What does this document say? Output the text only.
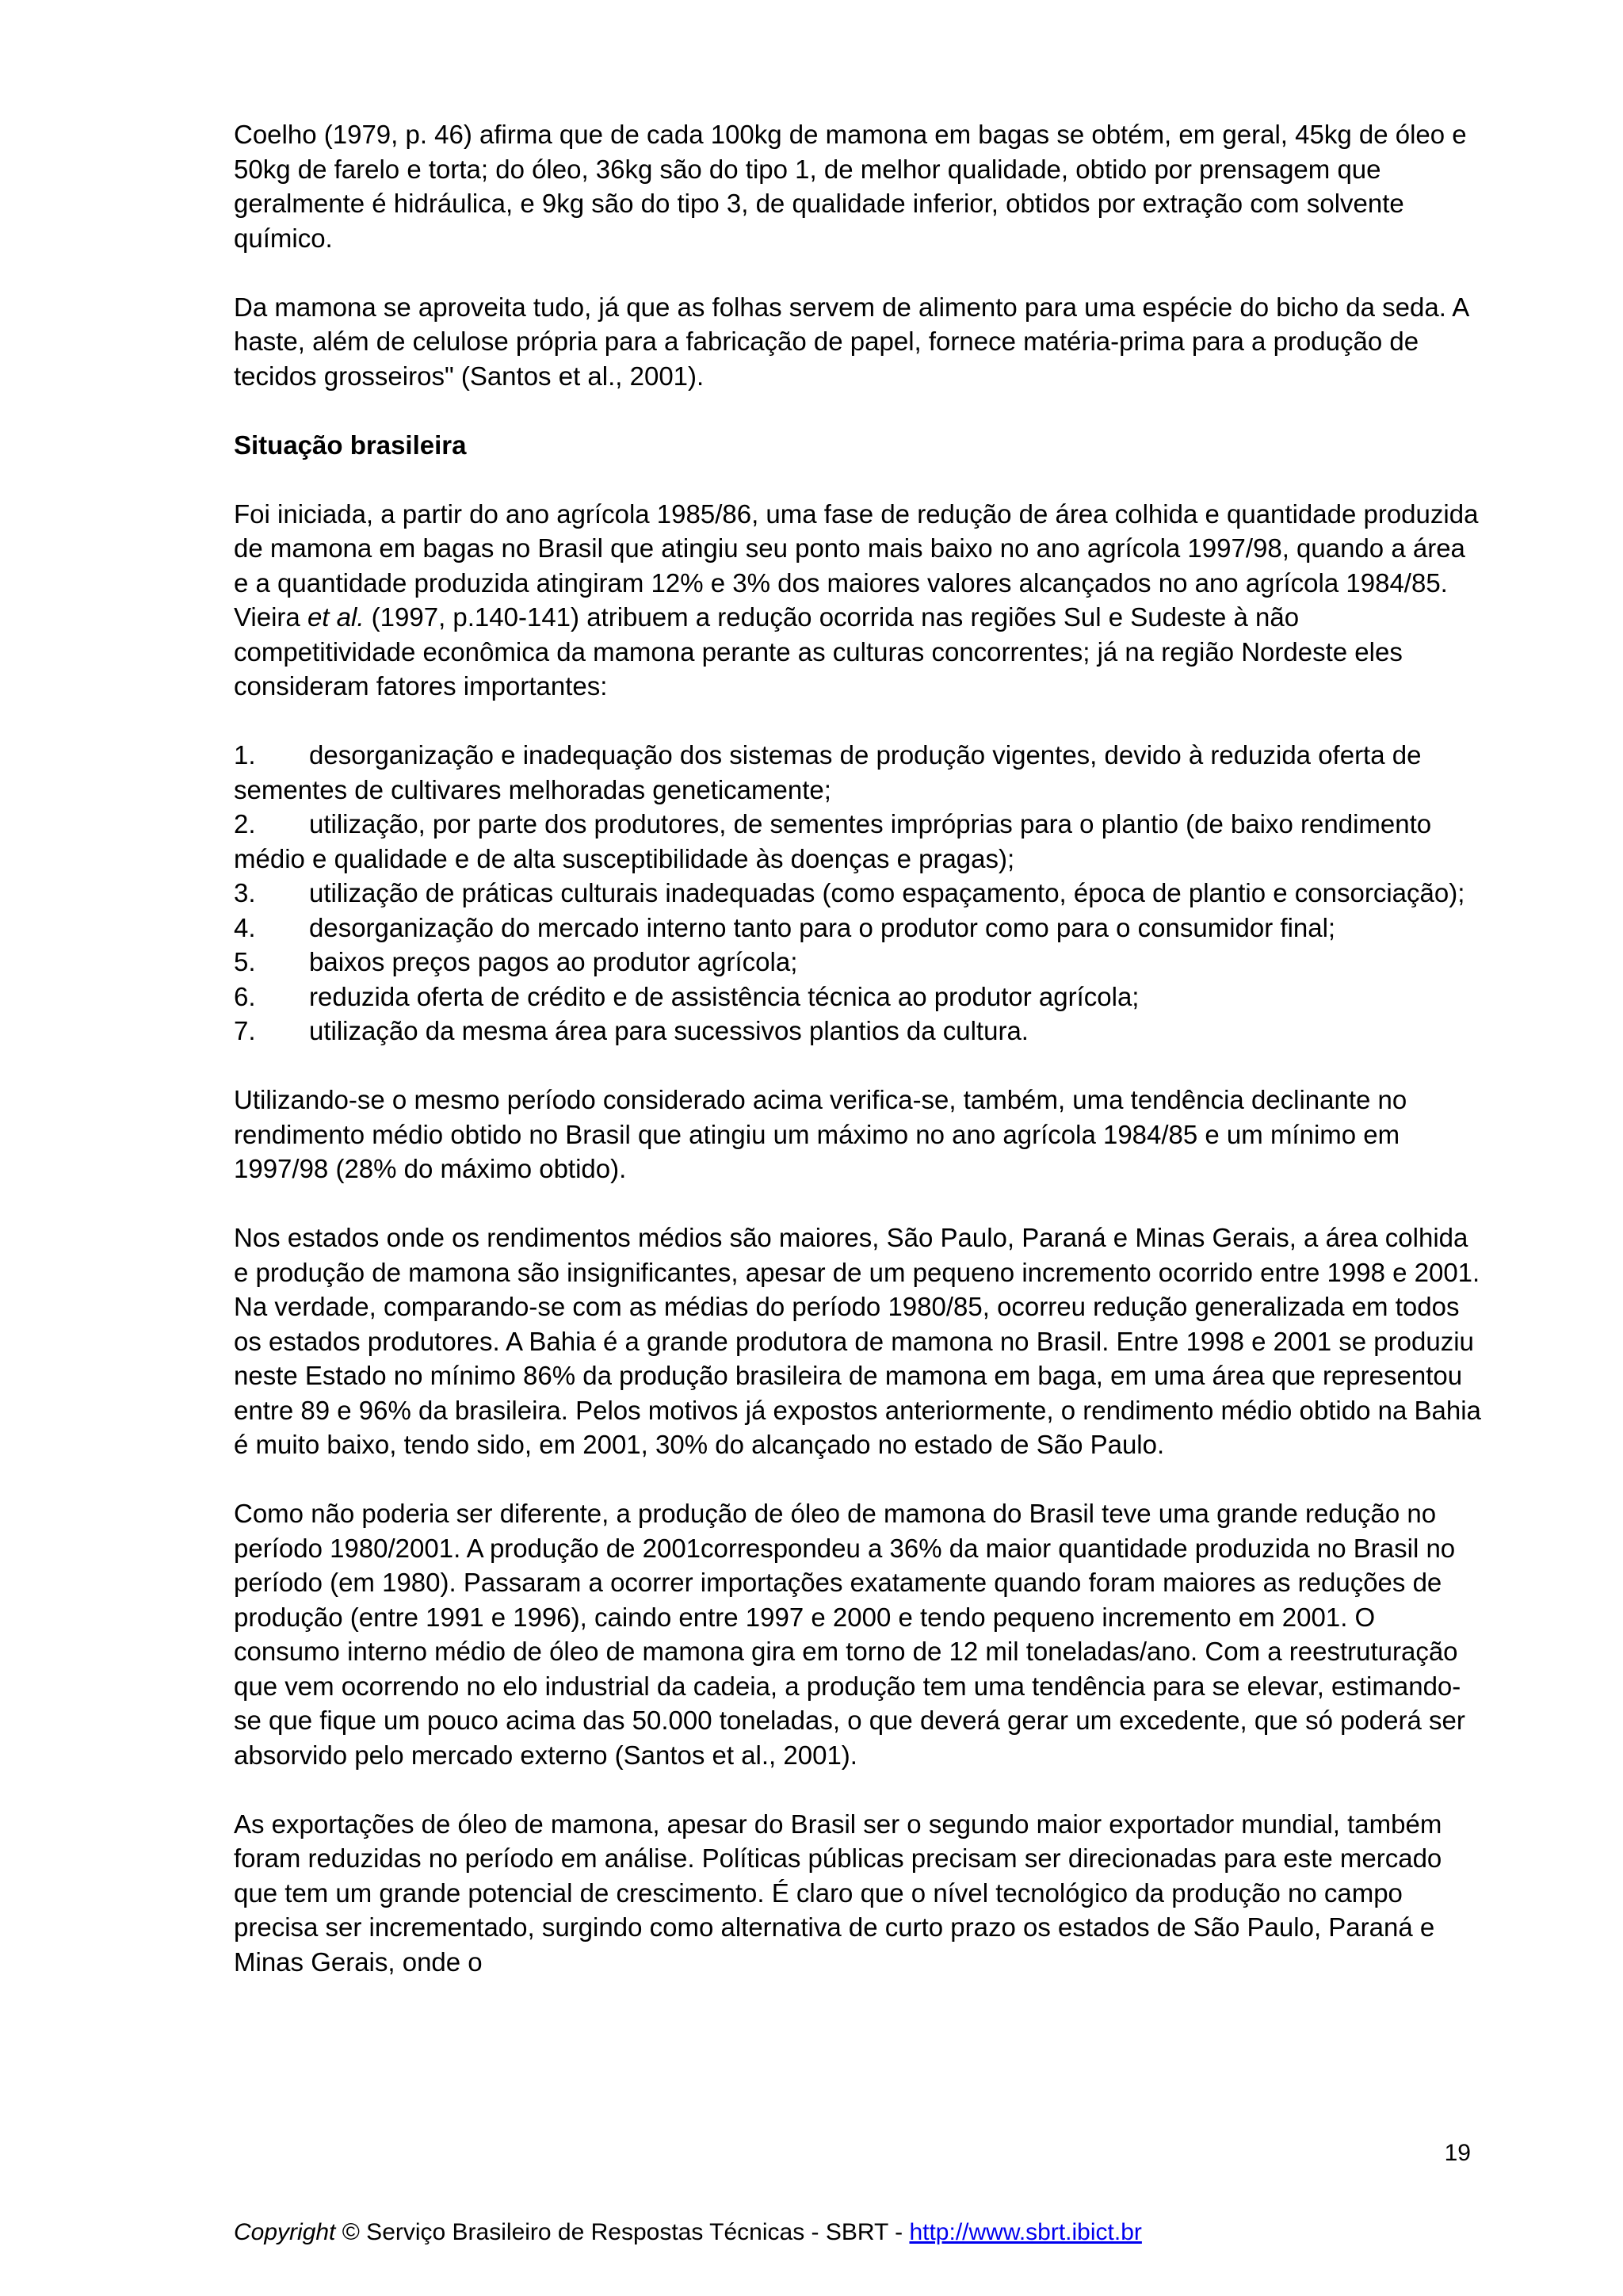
Coelho (1979, p. 46) afirma que de cada 100kg de mamona em bagas se obtém, em geral, 45kg de óleo e 50kg de farelo e torta; do óleo, 36kg são do tipo 1, de melhor qualidade, obtido por prensagem que geralmente é hidráulica, e 9kg são do tipo 3, de qualidade inferior, obtidos por extração com solvente químico.

Da mamona se aproveita tudo, já que as folhas servem de alimento para uma espécie do bicho da seda. A haste, além de celulose própria para a fabricação de papel, fornece matéria-prima para a produção de tecidos grosseiros" (Santos et al., 2001).

Situação brasileira

Foi iniciada, a partir do ano agrícola 1985/86, uma fase de redução de área colhida e quantidade produzida de mamona em bagas no Brasil que atingiu seu ponto mais baixo no ano agrícola 1997/98, quando a área e a quantidade produzida atingiram 12% e 3% dos maiores valores alcançados no ano agrícola 1984/85. Vieira et al. (1997, p.140-141) atribuem a redução ocorrida nas regiões Sul e Sudeste à não competitividade econômica da mamona perante as culturas concorrentes; já na região Nordeste eles consideram fatores importantes:

1. desorganização e inadequação dos sistemas de produção vigentes, devido à reduzida oferta de sementes de cultivares melhoradas geneticamente;
2. utilização, por parte dos produtores, de sementes impróprias para o plantio (de baixo rendimento médio e qualidade e de alta susceptibilidade às doenças e pragas);
3. utilização de práticas culturais inadequadas (como espaçamento, época de plantio e consorciação);
4. desorganização do mercado interno tanto para o produtor como para o consumidor final;
5. baixos preços pagos ao produtor agrícola;
6. reduzida oferta de crédito e de assistência técnica ao produtor agrícola;
7. utilização da mesma área para sucessivos plantios da cultura.

Utilizando-se o mesmo período considerado acima verifica-se, também, uma tendência declinante no rendimento médio obtido no Brasil que atingiu um máximo no ano agrícola 1984/85 e um mínimo em 1997/98 (28% do máximo obtido).

Nos estados onde os rendimentos médios são maiores, São Paulo, Paraná e Minas Gerais, a área colhida e produção de mamona são insignificantes, apesar de um pequeno incremento ocorrido entre 1998 e 2001. Na verdade, comparando-se com as médias do período 1980/85, ocorreu redução generalizada em todos os estados produtores. A Bahia é a grande produtora de mamona no Brasil. Entre 1998 e 2001 se produziu neste Estado no mínimo 86% da produção brasileira de mamona em baga, em uma área que representou entre 89 e 96% da brasileira. Pelos motivos já expostos anteriormente, o rendimento médio obtido na Bahia é muito baixo, tendo sido, em 2001, 30% do alcançado no estado de São Paulo.

Como não poderia ser diferente, a produção de óleo de mamona do Brasil teve uma grande redução no período 1980/2001. A produção de 2001correspondeu a 36% da maior quantidade produzida no Brasil no período (em 1980). Passaram a ocorrer importações exatamente quando foram maiores as reduções de produção (entre 1991 e 1996), caindo entre 1997 e 2000 e tendo pequeno incremento em 2001. O consumo interno médio de óleo de mamona gira em torno de 12 mil toneladas/ano. Com a reestruturação que vem ocorrendo no elo industrial da cadeia, a produção tem uma tendência para se elevar, estimando-se que fique um pouco acima das 50.000 toneladas, o que deverá gerar um excedente, que só poderá ser absorvido pelo mercado externo (Santos et al., 2001).

As exportações de óleo de mamona, apesar do Brasil ser o segundo maior exportador mundial, também foram reduzidas no período em análise. Políticas públicas precisam ser direcionadas para este mercado que tem um grande potencial de crescimento. É claro que o nível tecnológico da produção no campo precisa ser incrementado, surgindo como alternativa de curto prazo os estados de São Paulo, Paraná e Minas Gerais, onde o

19
Copyright © Serviço Brasileiro de Respostas Técnicas - SBRT - http://www.sbrt.ibict.br
